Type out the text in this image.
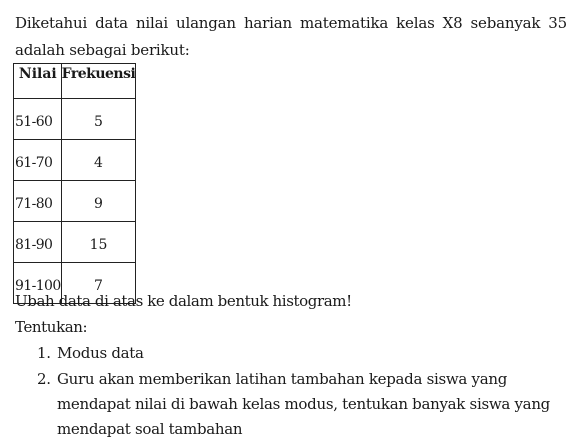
Diketahui data nilai ulangan harian matematika kelas X8 sebanyak 35 adalah sebagai berikut:
Nilai	Frekuensi
51-60	5
61-70	4
71-80	9
81-90	15
91-100	7
Ubah data di atas ke dalam bentuk histogram!
Tentukan:
1. Modus data
2. Guru akan memberikan latihan tambahan kepada siswa yang mendapat nilai di bawah kelas modus, tentukan banyak siswa yang mendapat soal tambahan
